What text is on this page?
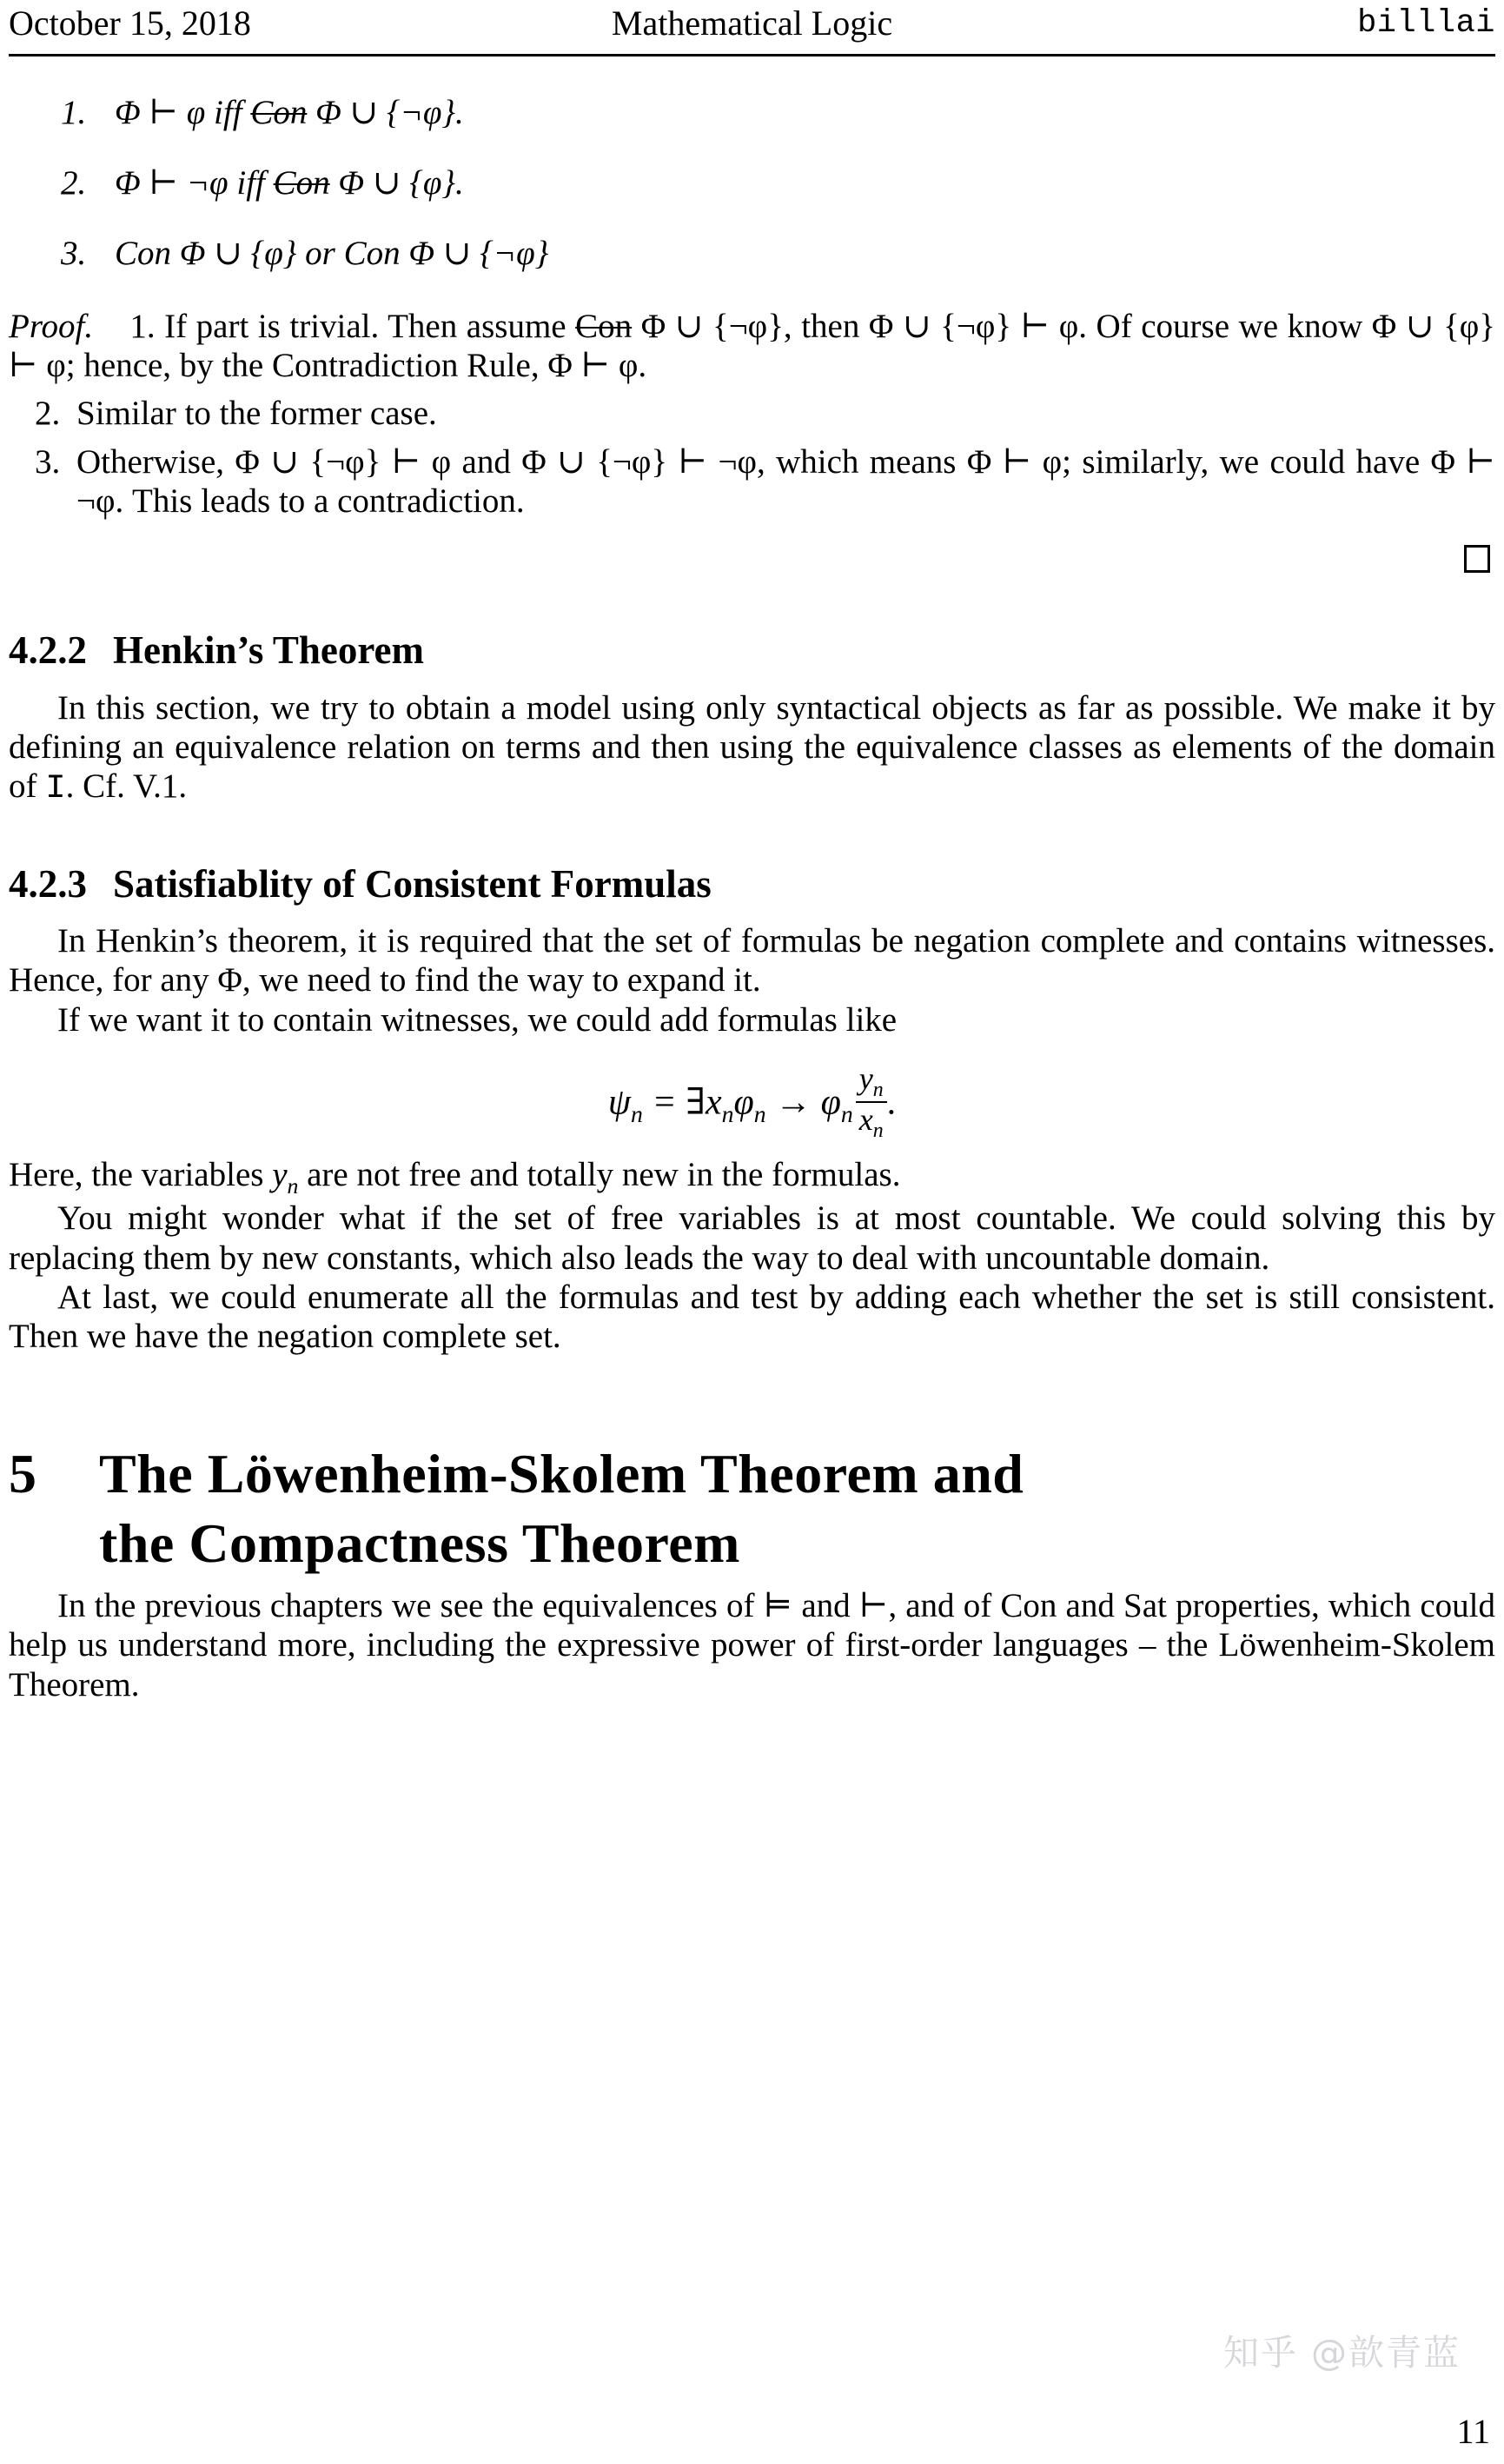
October 15, 2018	Mathematical Logic	billlai
1. Φ ⊢ φ iff Con Φ ∪ {¬φ}.
2. Φ ⊢ ¬φ iff Con Φ ∪ {φ}.
3. Con Φ ∪ {φ} or Con Φ ∪ {¬φ}

Proof. 1. If part is trivial. Then assume Con Φ ∪ {¬φ}, then Φ ∪ {¬φ} ⊢ φ. Of course we know Φ ∪ {φ} ⊢ φ; hence, by the Contradiction Rule, Φ ⊢ φ.

2. Similar to the former case.

3. Otherwise, Φ ∪ {¬φ} ⊢ φ and Φ ∪ {¬φ} ⊢ ¬φ, which means Φ ⊢ φ; similarly, we could have Φ ⊢ ¬φ. This leads to a contradiction.

4.2.2 Henkin’s Theorem

In this section, we try to obtain a model using only syntactical objects as far as possible. We make it by defining an equivalence relation on terms and then using the equivalence classes as elements of the domain of I. Cf. V.1.

4.2.3 Satisfiablity of Consistent Formulas

In Henkin’s theorem, it is required that the set of formulas be negation complete and contains witnesses. Hence, for any Φ, we need to find the way to expand it.

If we want it to contain witnesses, we could add formulas like

$\psi_n$ = $\exists x_n\varphi_n \to \varphi_n \frac{y_n}{x_n}$ .

Here, the variables $y_n$ are not free and totally new in the formulas.

You might wonder what if the set of free variables is at most countable. We could solving this by replacing them by new constants, which also leads the way to deal with uncountable domain.

At last, we could enumerate all the formulas and test by adding each whether the set is still consistent. Then we have the negation complete set.

5 The Löwenheim-Skolem Theorem and
the Compactness Theorem

In the previous chapters we see the equivalences of ⊨ and ⊢, and of Con and Sat properties, which could help us understand more, including the expressive power of first-order languages – the Löwenheim-Skolem Theorem.

知乎 @歆青蓝
11
